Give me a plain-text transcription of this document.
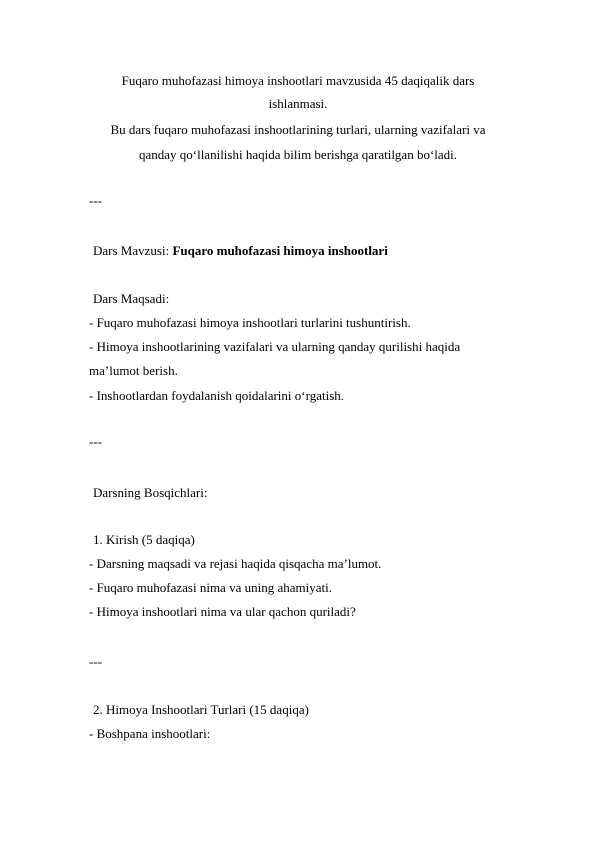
Fuqaro muhofazasi himoya inshootlari mavzusida 45 daqiqalik dars
ishlanmasi.
Bu dars fuqaro muhofazasi inshootlarining turlari, ularning vazifalari va
qanday qo‘llanilishi haqida bilim berishga qaratilgan bo‘ladi.
---
Dars Mavzusi: Fuqaro muhofazasi himoya inshootlari
Dars Maqsadi:
- Fuqaro muhofazasi himoya inshootlari turlarini tushuntirish.
- Himoya inshootlarining vazifalari va ularning qanday qurilishi haqida
ma’lumot berish.
- Inshootlardan foydalanish qoidalarini o‘rgatish.
---
Darsning Bosqichlari:
1. Kirish (5 daqiqa)
- Darsning maqsadi va rejasi haqida qisqacha ma’lumot.
- Fuqaro muhofazasi nima va uning ahamiyati.
- Himoya inshootlari nima va ular qachon quriladi?
---
2. Himoya Inshootlari Turlari (15 daqiqa)
- Boshpana inshootlari:
